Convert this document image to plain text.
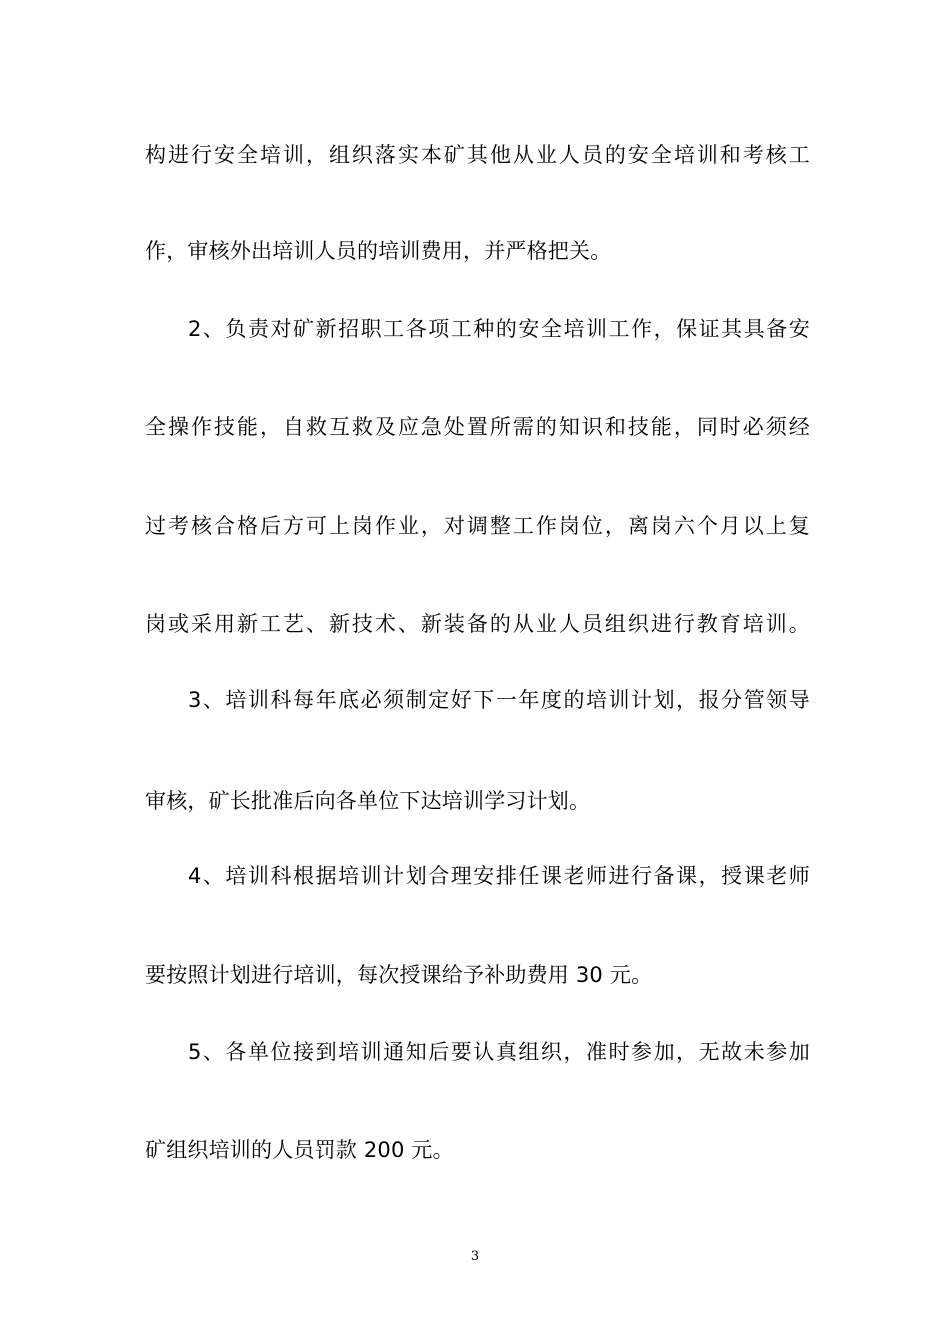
构进行安全培训，组织落实本矿其他从业人员的安全培训和考核工
作，审核外出培训人员的培训费用，并严格把关。
2、负责对矿新招职工各项工种的安全培训工作，保证其具备安
全操作技能，自救互救及应急处置所需的知识和技能，同时必须经
过考核合格后方可上岗作业，对调整工作岗位，离岗六个月以上复
岗或采用新工艺、新技术、新装备的从业人员组织进行教育培训。
3、培训科每年底必须制定好下一年度的培训计划，报分管领导
审核，矿长批准后向各单位下达培训学习计划。
4、培训科根据培训计划合理安排任课老师进行备课，授课老师
要按照计划进行培训，每次授课给予补助费用 30 元。
5、各单位接到培训通知后要认真组织，准时参加，无故未参加
矿组织培训的人员罚款 200 元。
3
